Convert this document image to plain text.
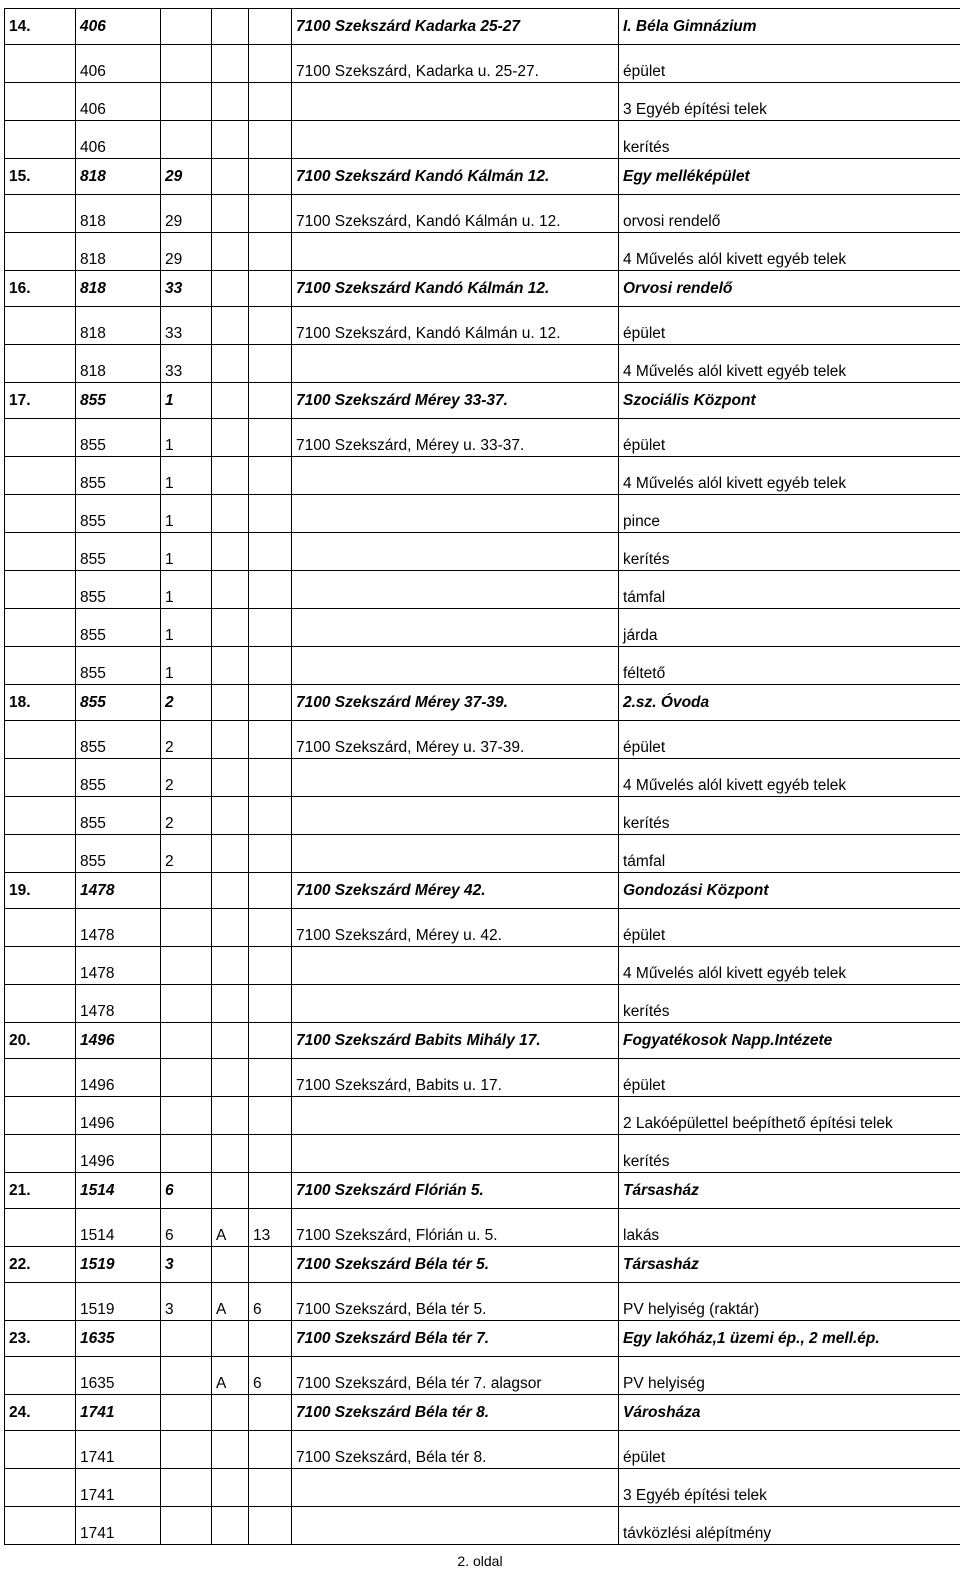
14.	406				7100 Szekszárd Kadarka 25-27	I. Béla Gimnázium
	406				7100 Szekszárd, Kadarka u. 25-27.	épület
	406					3 Egyéb építési telek
	406					kerítés
15.	818	29			7100 Szekszárd Kandó Kálmán 12.	Egy melléképület
	818	29			7100 Szekszárd, Kandó Kálmán u. 12.	orvosi rendelő
	818	29				4 Művelés alól kivett egyéb telek
16.	818	33			7100 Szekszárd Kandó Kálmán 12.	Orvosi rendelő
	818	33			7100 Szekszárd, Kandó Kálmán u. 12.	épület
	818	33				4 Művelés alól kivett egyéb telek
17.	855	1			7100 Szekszárd Mérey 33-37.	Szociális Központ
	855	1			7100 Szekszárd, Mérey u. 33-37.	épület
	855	1				4 Művelés alól kivett egyéb telek
	855	1				pince
	855	1				kerítés
	855	1				támfal
	855	1				járda
	855	1				féltető
18.	855	2			7100 Szekszárd Mérey 37-39.	2.sz. Óvoda
	855	2			7100 Szekszárd, Mérey u. 37-39.	épület
	855	2				4 Művelés alól kivett egyéb telek
	855	2				kerítés
	855	2				támfal
19.	1478				7100 Szekszárd Mérey 42.	Gondozási Központ
	1478				7100 Szekszárd, Mérey u. 42.	épület
	1478					4 Művelés alól kivett egyéb telek
	1478					kerítés
20.	1496				7100 Szekszárd Babits Mihály 17.	Fogyatékosok Napp.Intézete
	1496				7100 Szekszárd, Babits u. 17.	épület
	1496					2 Lakóépülettel beépíthető építési telek
	1496					kerítés
21.	1514	6			7100 Szekszárd Flórián 5.	Társasház
	1514	6	A	13	7100 Szekszárd, Flórián u. 5.	lakás
22.	1519	3			7100 Szekszárd Béla tér 5.	Társasház
	1519	3	A	6	7100 Szekszárd, Béla tér 5.	PV helyiség (raktár)
23.	1635				7100 Szekszárd Béla tér 7.	Egy lakóház,1 üzemi ép., 2 mell.ép.
	1635		A	6	7100 Szekszárd, Béla tér 7. alagsor	PV helyiség
24.	1741				7100 Szekszárd Béla tér 8.	Városháza
	1741				7100 Szekszárd, Béla tér 8.	épület
	1741					3 Egyéb építési telek
	1741					távközlési alépítmény
2. oldal
